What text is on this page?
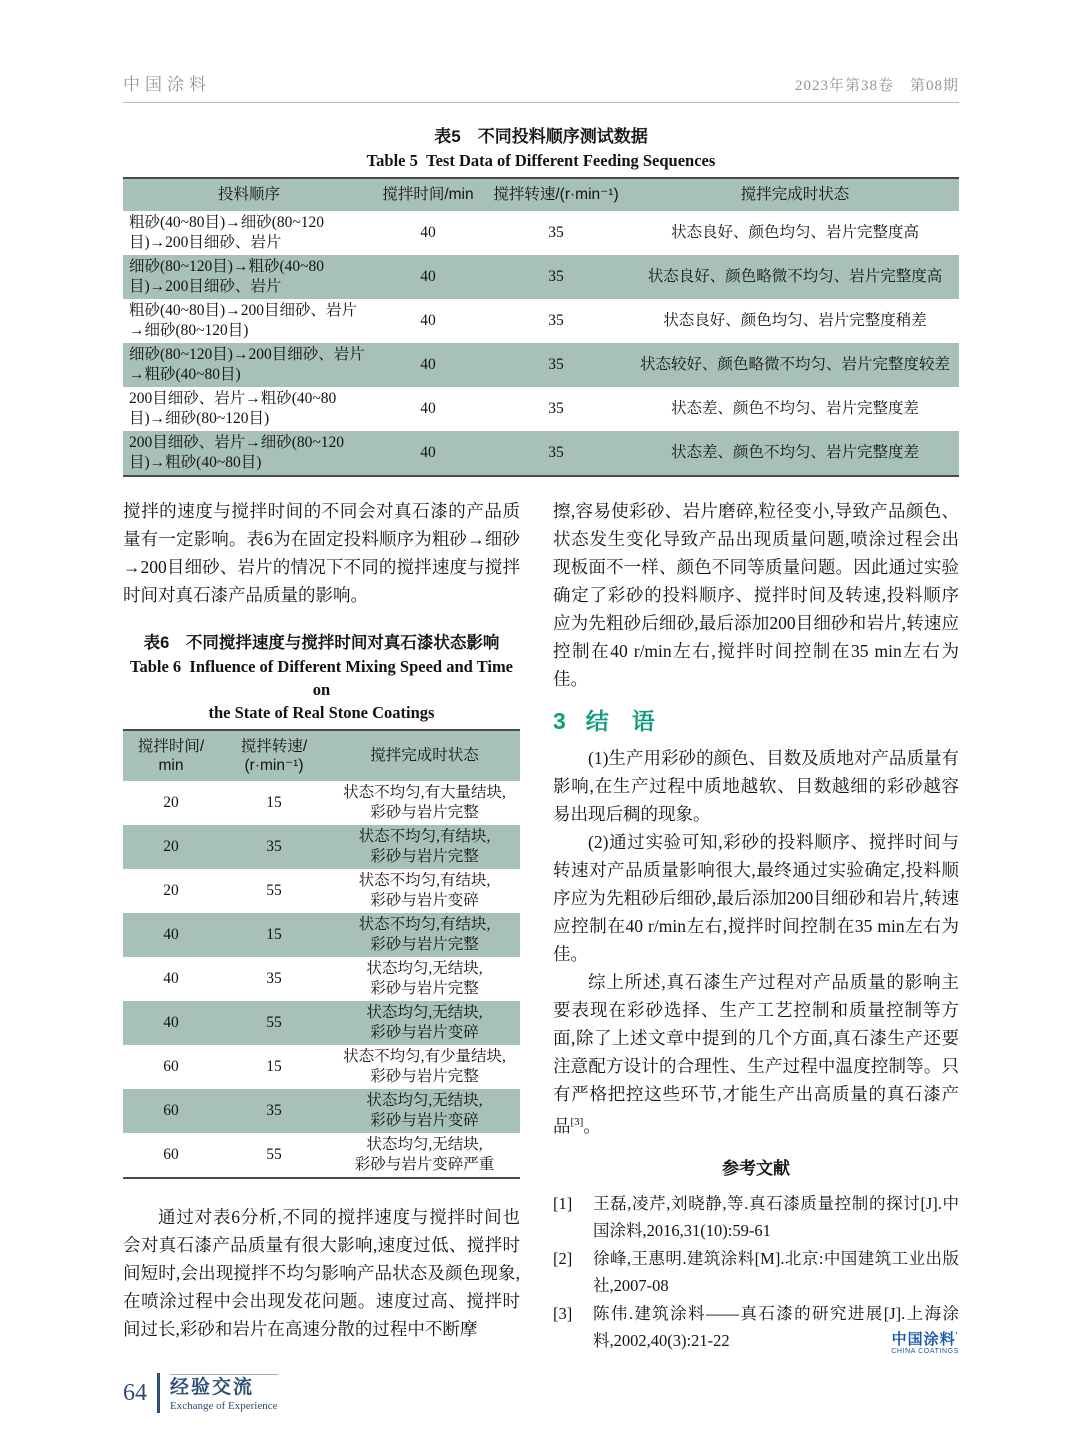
中国涂料	2023年第38卷　第08期
表5　不同投料顺序测试数据
Table 5 Test Data of Different Feeding Sequences
投料顺序	搅拌时间/min	搅拌转速/(r·min⁻¹)	搅拌完成时状态
粗砂(40~80目)→细砂(80~120目)→200目细砂、岩片	40	35	状态良好、颜色均匀、岩片完整度高
细砂(80~120目)→粗砂(40~80目)→200目细砂、岩片	40	35	状态良好、颜色略微不均匀、岩片完整度高
粗砂(40~80目)→200目细砂、岩片→细砂(80~120目)	40	35	状态良好、颜色均匀、岩片完整度稍差
细砂(80~120目)→200目细砂、岩片→粗砂(40~80目)	40	35	状态较好、颜色略微不均匀、岩片完整度较差
200目细砂、岩片→粗砂(40~80目)→细砂(80~120目)	40	35	状态差、颜色不均匀、岩片完整度差
200目细砂、岩片→细砂(80~120目)→粗砂(40~80目)	40	35	状态差、颜色不均匀、岩片完整度差

搅拌的速度与搅拌时间的不同会对真石漆的产品质量有一定影响。表6为在固定投料顺序为粗砂→细砂→200目细砂、岩片的情况下不同的搅拌速度与搅拌时间对真石漆产品质量的影响。

表6　不同搅拌速度与搅拌时间对真石漆状态影响
Table 6 Influence of Different Mixing Speed and Time on
the State of Real Stone Coatings
搅拌时间/
min

搅拌转速/
(r·min⁻¹)
	搅拌完成时状态
20	15	状态不均匀,有大量结块,
彩砂与岩片完整

20	35	状态不均匀,有结块,
彩砂与岩片完整

20	55	状态不均匀,有结块,
彩砂与岩片变碎

40	15	状态不均匀,有结块,
彩砂与岩片完整

40	35	状态均匀,无结块,
彩砂与岩片完整

40	55	状态均匀,无结块,
彩砂与岩片变碎

60	15	状态不均匀,有少量结块,
彩砂与岩片完整

60	35	状态均匀,无结块,
彩砂与岩片变碎

60	55	状态均匀,无结块,
彩砂与岩片变碎严重

通过对表6分析,不同的搅拌速度与搅拌时间也会对真石漆产品质量有很大影响,速度过低、搅拌时间短时,会出现搅拌不均匀影响产品状态及颜色现象,在喷涂过程中会出现发花问题。速度过高、搅拌时间过长,彩砂和岩片在高速分散的过程中不断摩

擦,容易使彩砂、岩片磨碎,粒径变小,导致产品颜色、状态发生变化导致产品出现质量问题,喷涂过程会出现板面不一样、颜色不同等质量问题。因此通过实验确定了彩砂的投料顺序、搅拌时间及转速,投料顺序应为先粗砂后细砂,最后添加200目细砂和岩片,转速应控制在40 r/min左右,搅拌时间控制在35 min左右为佳。

3 结　语

(1)生产用彩砂的颜色、目数及质地对产品质量有影响,在生产过程中质地越软、目数越细的彩砂越容易出现后稠的现象。

(2)通过实验可知,彩砂的投料顺序、搅拌时间与转速对产品质量影响很大,最终通过实验确定,投料顺序应为先粗砂后细砂,最后添加200目细砂和岩片,转速应控制在40 r/min左右,搅拌时间控制在35 min左右为佳。

综上所述,真石漆生产过程对产品质量的影响主要表现在彩砂选择、生产工艺控制和质量控制等方面,除了上述文章中提到的几个方面,真石漆生产还要注意配方设计的合理性、生产过程中温度控制等。只有严格把控这些环节,才能生产出高质量的真石漆产品[3]。

参考文献
[1]	王磊,凌芹,刘晓静,等.真石漆质量控制的探讨[J].中国涂料,2016,31(10):59-61
[2]	徐峰,王惠明.建筑涂料[M].北京:中国建筑工业出版社,2007-08
[3]	陈伟.建筑涂料——真石漆的研究进展[J].上海涂料,2002,40(3):21-22	中国涂料'
CHINA COATINGS
64 经验交流
Exchange of Experience
